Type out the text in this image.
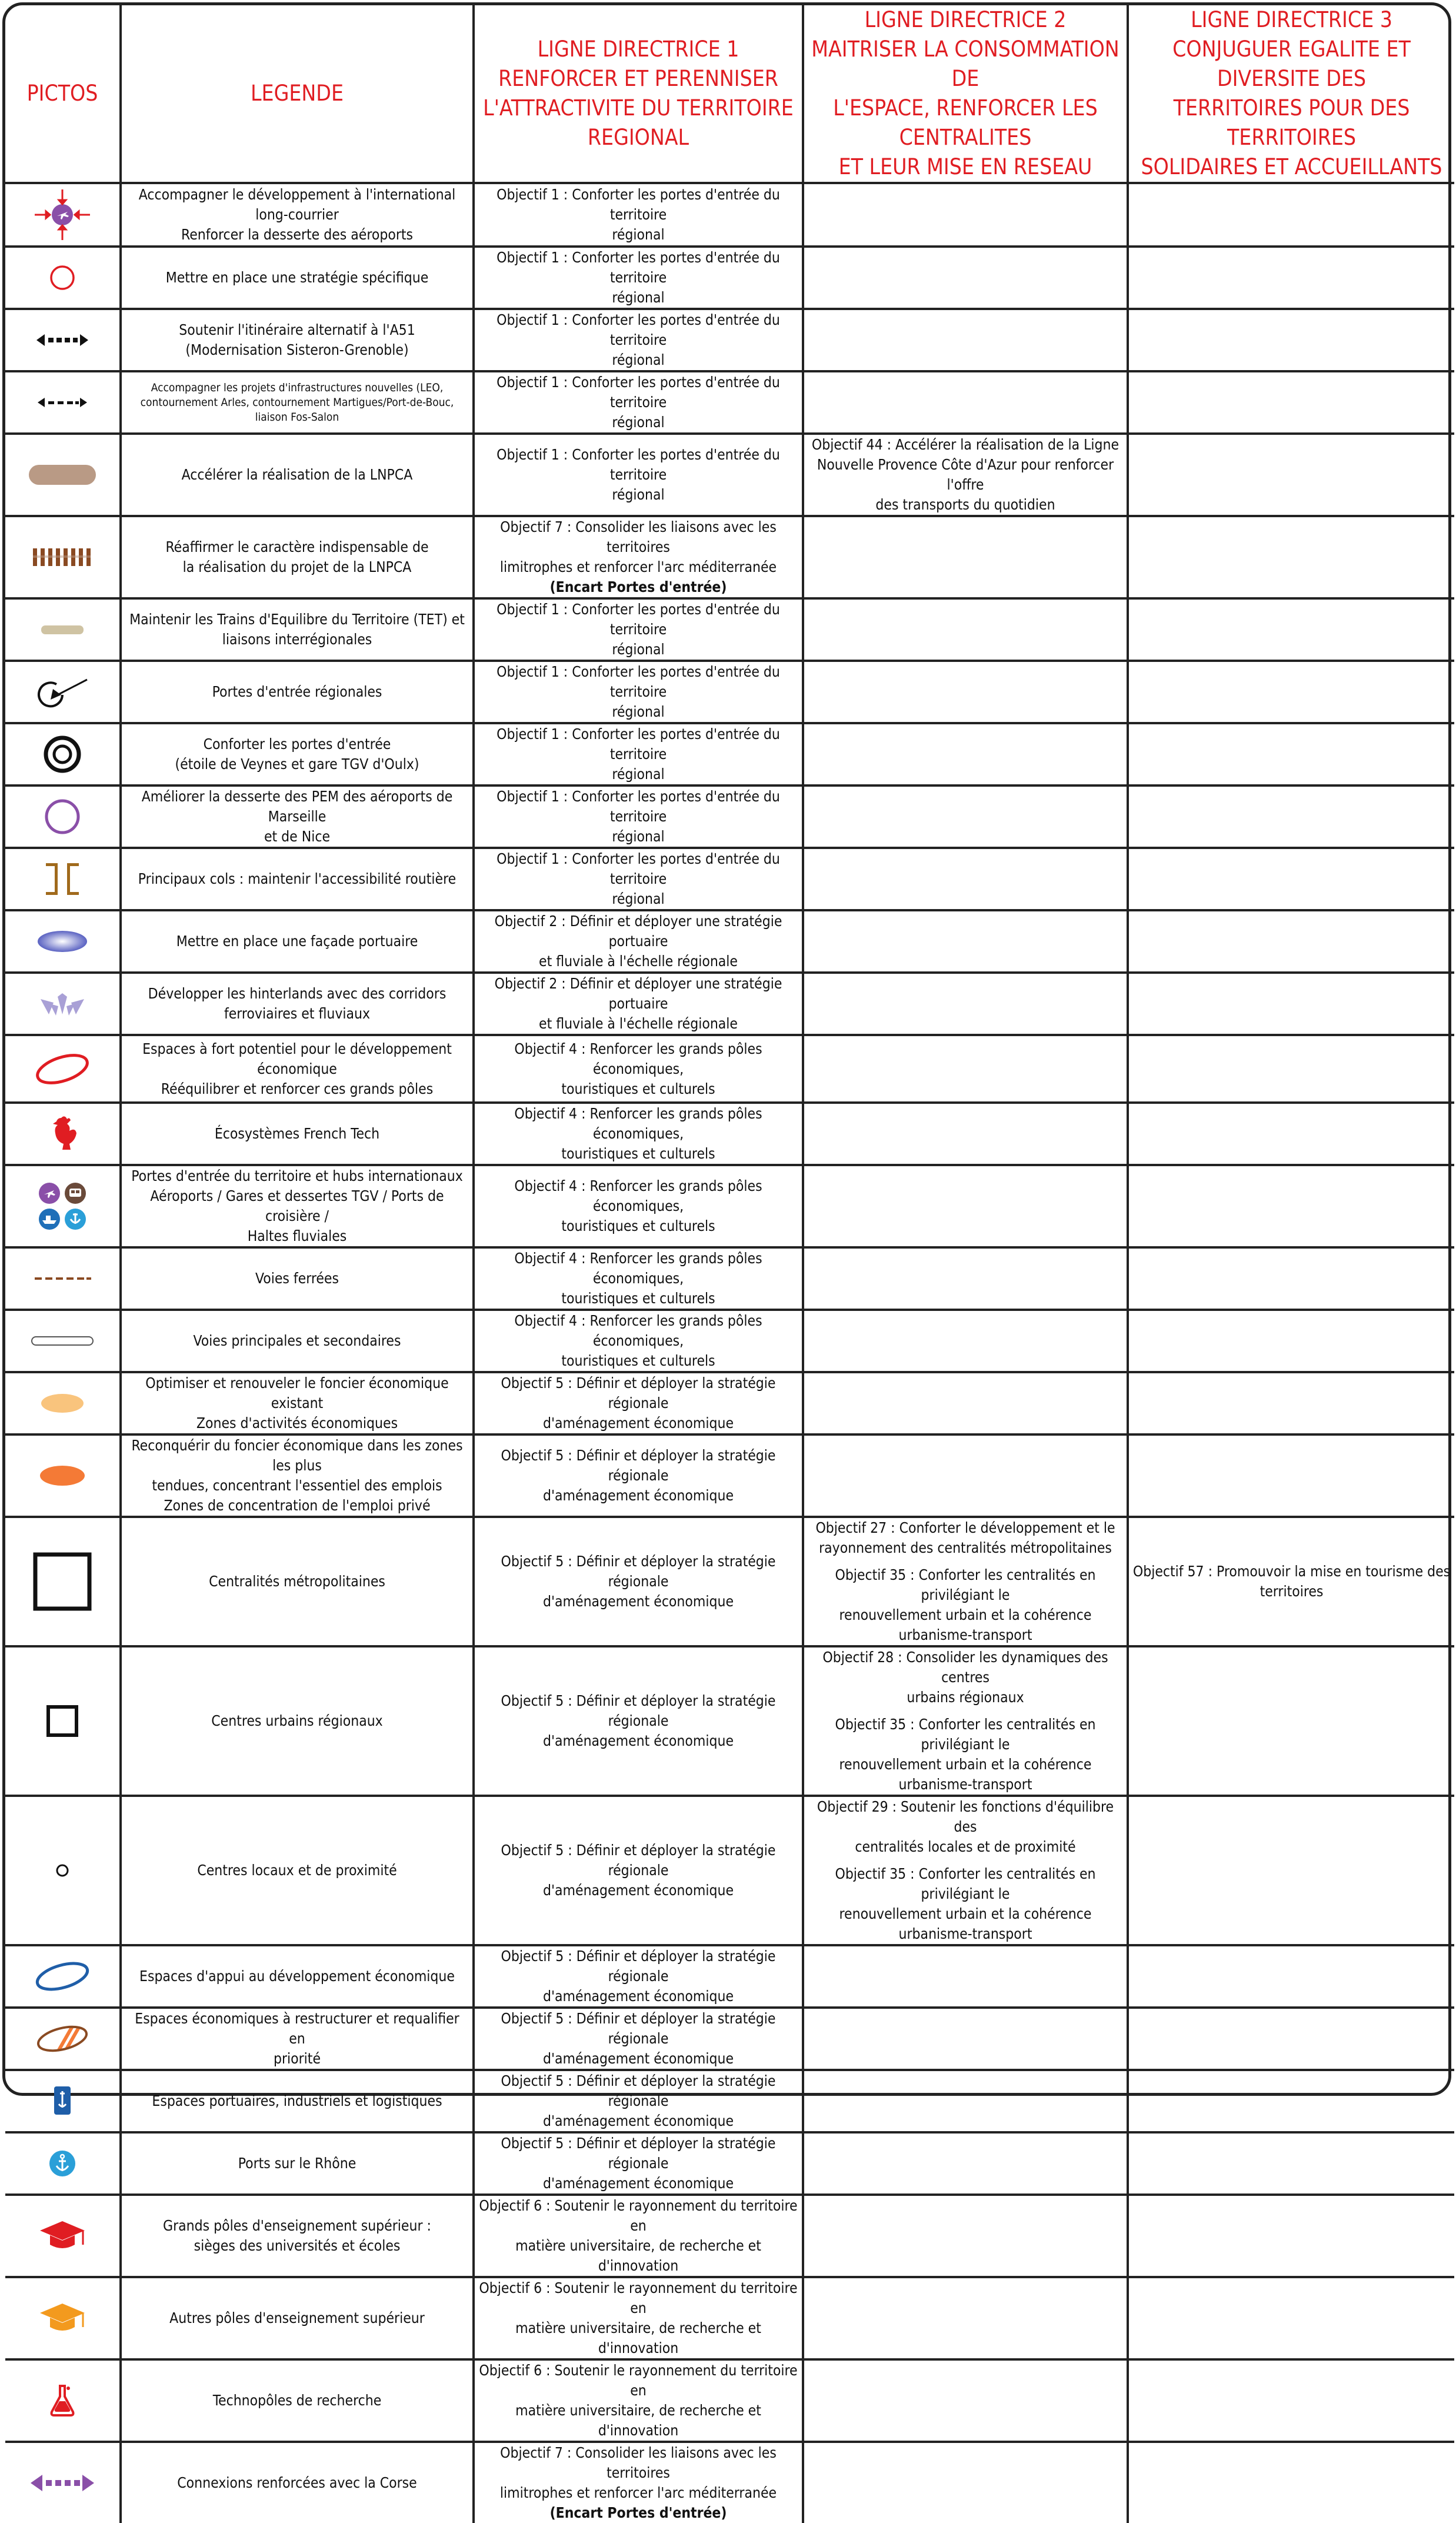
PICTOS	LEGENDE	LIGNE DIRECTRICE 1
RENFORCER ET PERENNISER
L'ATTRACTIVITE DU TERRITOIRE
REGIONAL	LIGNE DIRECTRICE 2
MAITRISER LA CONSOMMATION DE
L'ESPACE, RENFORCER LES CENTRALITES
ET LEUR MISE EN RESEAU	LIGNE DIRECTRICE 3
CONJUGUER EGALITE ET DIVERSITE DES
TERRITOIRES POUR DES TERRITOIRES
SOLIDAIRES ET ACCUEILLANTS

	Accompagner le développement à l'international
long-courrier
Renforcer la desserte des aéroports	Objectif 1 : Conforter les portes d'entrée du territoire
régional		

	Mettre en place une stratégie spécifique	Objectif 1 : Conforter les portes d'entrée du territoire
régional		

	Soutenir l'itinéraire alternatif à l'A51
(Modernisation Sisteron-Grenoble)	Objectif 1 : Conforter les portes d'entrée du territoire
régional		

	Accompagner les projets d'infrastructures nouvelles (LEO,
contournement Arles, contournement Martigues/Port-de-Bouc,
liaison Fos-Salon	Objectif 1 : Conforter les portes d'entrée du territoire
régional		

	Accélérer la réalisation de la LNPCA	Objectif 1 : Conforter les portes d'entrée du territoire
régional	Objectif 44 : Accélérer la réalisation de la Ligne
Nouvelle Provence Côte d'Azur pour renforcer l'offre
des transports du quotidien	

	Réaffirmer le caractère indispensable de
la réalisation du projet de la LNPCA	Objectif 7 : Consolider les liaisons avec les territoires
limitrophes et renforcer l'arc méditerranée
(Encart Portes d'entrée)		

	Maintenir les Trains d'Equilibre du Territoire (TET) et
liaisons interrégionales	Objectif 1 : Conforter les portes d'entrée du territoire
régional		

	Portes d'entrée régionales	Objectif 1 : Conforter les portes d'entrée du territoire
régional		

	Conforter les portes d'entrée
(étoile de Veynes et gare TGV d'Oulx)	Objectif 1 : Conforter les portes d'entrée du territoire
régional		

	Améliorer la desserte des PEM des aéroports de Marseille
et de Nice	Objectif 1 : Conforter les portes d'entrée du territoire
régional		

	Principaux cols : maintenir l'accessibilité routière	Objectif 1 : Conforter les portes d'entrée du territoire
régional		

	Mettre en place une façade portuaire	Objectif 2 : Définir et déployer une stratégie portuaire
et fluviale à l'échelle régionale		

	Développer les hinterlands avec des corridors
ferroviaires et fluviaux	Objectif 2 : Définir et déployer une stratégie portuaire
et fluviale à l'échelle régionale		

	Espaces à fort potentiel pour le développement
économique
Rééquilibrer et renforcer ces grands pôles	Objectif 4 : Renforcer les grands pôles économiques,
touristiques et culturels		

	Écosystèmes French Tech	Objectif 4 : Renforcer les grands pôles économiques,
touristiques et culturels		

	Portes d'entrée du territoire et hubs internationaux
Aéroports / Gares et dessertes TGV / Ports de croisière /
Haltes fluviales	Objectif 4 : Renforcer les grands pôles économiques,
touristiques et culturels		

	Voies ferrées	Objectif 4 : Renforcer les grands pôles économiques,
touristiques et culturels		

	Voies principales et secondaires	Objectif 4 : Renforcer les grands pôles économiques,
touristiques et culturels		

	Optimiser et renouveler le foncier économique existant
Zones d'activités économiques	Objectif 5 : Définir et déployer la stratégie régionale
d'aménagement économique		

	Reconquérir du foncier économique dans les zones les plus
tendues, concentrant l'essentiel des emplois
Zones de concentration de l'emploi privé	Objectif 5 : Définir et déployer la stratégie régionale
d'aménagement économique		

	Centralités métropolitaines	Objectif 5 : Définir et déployer la stratégie régionale
d'aménagement économique	Objectif 27 : Conforter le développement et le
rayonnement des centralités métropolitaines
Objectif 35 : Conforter les centralités en privilégiant le
renouvellement urbain et la cohérence
urbanisme-transport	Objectif 57 : Promouvoir la mise en tourisme des
territoires

	Centres urbains régionaux	Objectif 5 : Définir et déployer la stratégie régionale
d'aménagement économique	Objectif 28 : Consolider les dynamiques des centres
urbains régionaux
Objectif 35 : Conforter les centralités en privilégiant le
renouvellement urbain et la cohérence
urbanisme-transport	

	Centres locaux et de proximité	Objectif 5 : Définir et déployer la stratégie régionale
d'aménagement économique	Objectif 29 : Soutenir les fonctions d'équilibre des
centralités locales et de proximité
Objectif 35 : Conforter les centralités en privilégiant le
renouvellement urbain et la cohérence
urbanisme-transport	

	Espaces d'appui au développement économique	Objectif 5 : Définir et déployer la stratégie régionale
d'aménagement économique		

	Espaces économiques à restructurer et requalifier en
priorité	Objectif 5 : Définir et déployer la stratégie régionale
d'aménagement économique		

	Espaces portuaires, industriels et logistiques	Objectif 5 : Définir et déployer la stratégie régionale
d'aménagement économique		

	Ports sur le Rhône	Objectif 5 : Définir et déployer la stratégie régionale
d'aménagement économique		

	Grands pôles d'enseignement supérieur :
sièges des universités et écoles	Objectif 6 : Soutenir le rayonnement du territoire en
matière universitaire, de recherche et d'innovation		

	Autres pôles d'enseignement supérieur	Objectif 6 : Soutenir le rayonnement du territoire en
matière universitaire, de recherche et d'innovation		

	Technopôles de recherche	Objectif 6 : Soutenir le rayonnement du territoire en
matière universitaire, de recherche et d'innovation		

	Connexions renforcées avec la Corse	Objectif 7 : Consolider les liaisons avec les territoires
limitrophes et renforcer l'arc méditerranée
(Encart Portes d'entrée)		
